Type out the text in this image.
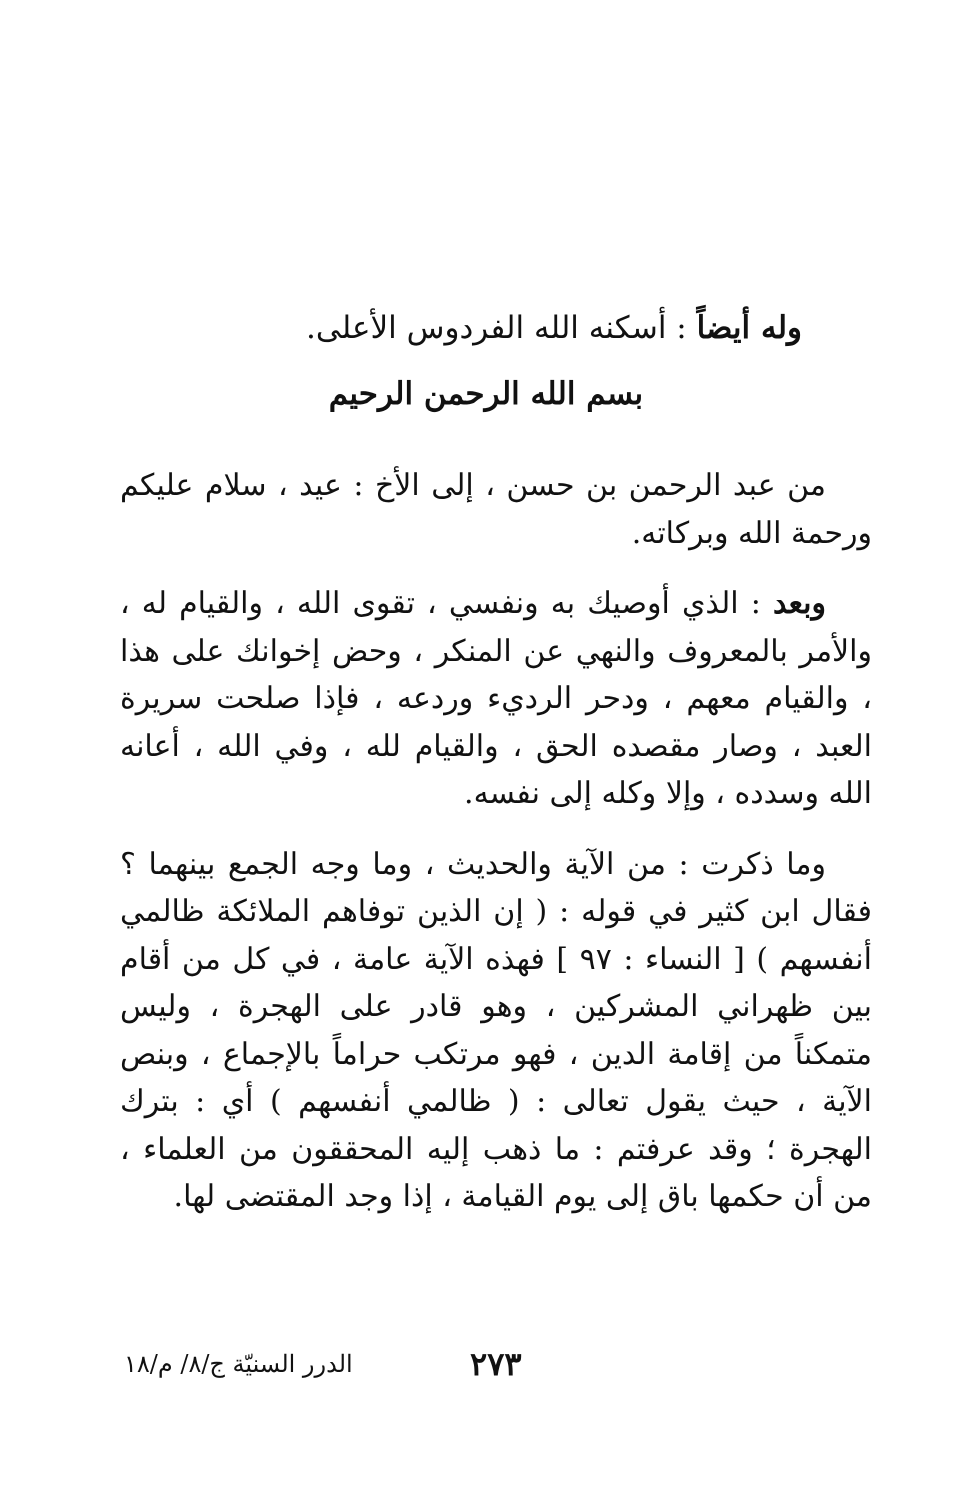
وله أيضاً : أسكنه الله الفردوس الأعلى.
بسم الله الرحمن الرحيم

من عبد الرحمن بن حسن ، إلى الأخ : عيد ، سلام عليكم ورحمة الله وبركاته.

وبعد : الذي أوصيك به ونفسي ، تقوى الله ، والقيام له ، والأمر بالمعروف والنهي عن المنكر ، وحض إخوانك على هذا ، والقيام معهم ، ودحر الرديء وردعه ، فإذا صلحت سريرة العبد ، وصار مقصده الحق ، والقيام لله ، وفي الله ، أعانه الله وسدده ، وإلا وكله إلى نفسه.

وما ذكرت : من الآية والحديث ، وما وجه الجمع بينهما ؟ فقال ابن كثير في قوله : ( إن الذين توفاهم الملائكة ظالمي أنفسهم ) [ النساء : ٩٧ ] فهذه الآية عامة ، في كل من أقام بين ظهراني المشركين ، وهو قادر على الهجرة ، وليس متمكناً من إقامة الدين ، فهو مرتكب حراماً بالإجماع ، وبنص الآية ، حيث يقول تعالى : ( ظالمي أنفسهم ) أي : بترك الهجرة ؛ وقد عرفتم : ما ذهب إليه المحققون من العلماء ، من أن حكمها باق إلى يوم القيامة ، إذا وجد المقتضى لها.

الدرر السنيّة ج/٨/ م/١٨	٢٧٣
